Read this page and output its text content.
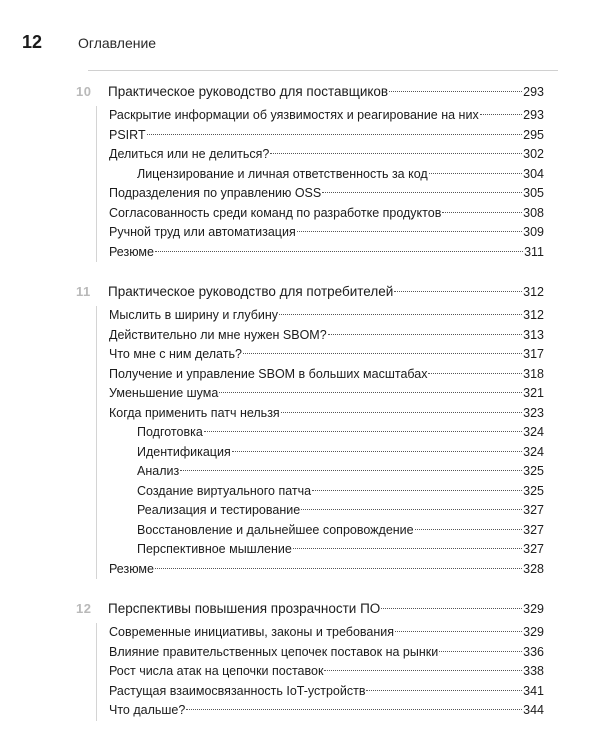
12	Оглавление
10	Практическое руководство для поставщиков	293
Раскрытие информации об уязвимостях и реагирование на них	293
PSIRT	295
Делиться или не делиться?	302
Лицензирование и личная ответственность за код	304
Подразделения по управлению OSS	305
Согласованность среди команд по разработке продуктов	308
Ручной труд или автоматизация	309
Резюме	311
11	Практическое руководство для потребителей	312
Мыслить в ширину и глубину	312
Действительно ли мне нужен SBOM?	313
Что мне с ним делать?	317
Получение и управление SBOM в больших масштабах	318
Уменьшение шума	321
Когда применить патч нельзя	323
Подготовка	324
Идентификация	324
Анализ	325
Создание виртуального патча	325
Реализация и тестирование	327
Восстановление и дальнейшее сопровождение	327
Перспективное мышление	327
Резюме	328
12	Перспективы повышения прозрачности ПО	329
Современные инициативы, законы и требования	329
Влияние правительственных цепочек поставок на рынки	336
Рост числа атак на цепочки поставок	338
Растущая взаимосвязанность IoT-устройств	341
Что дальше?	344
